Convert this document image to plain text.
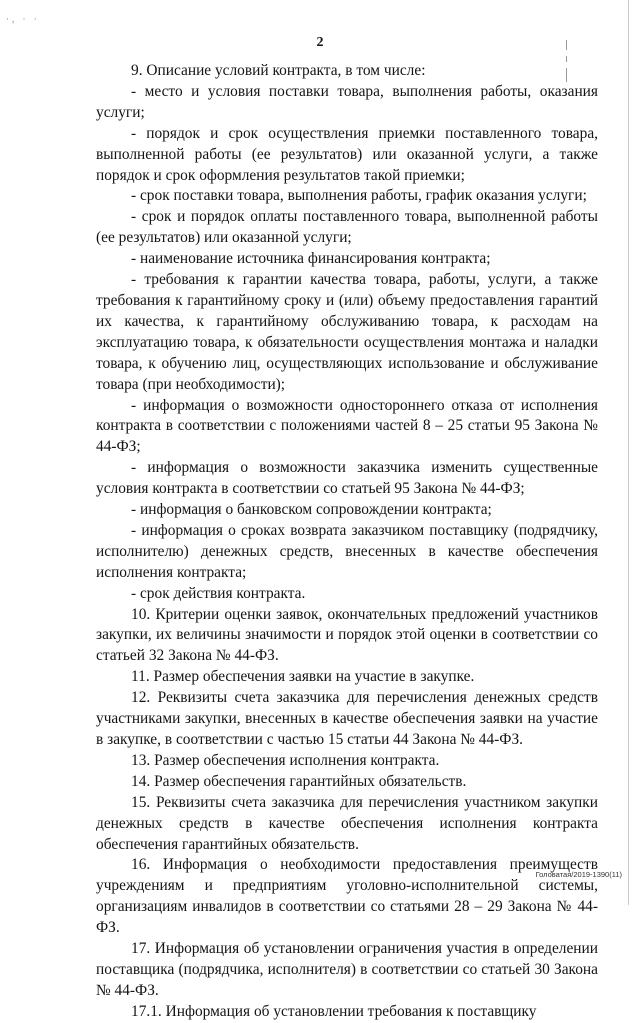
·, · ·
2

9. Описание условий контракта, в том числе:

- место и условия поставки товара, выполнения работы, оказания услуги;

- порядок и срок осуществления приемки поставленного товара, выполненной работы (ее результатов) или оказанной услуги, а также порядок и срок оформления результатов такой приемки;

- срок поставки товара, выполнения работы, график оказания услуги;

- срок и порядок оплаты поставленного товара, выполненной работы (ее результатов) или оказанной услуги;

- наименование источника финансирования контракта;

- требования к гарантии качества товара, работы, услуги, а также требования к гарантийному сроку и (или) объему предоставления гарантий их качества, к гарантийному обслуживанию товара, к расходам на эксплуатацию товара, к обязательности осуществления монтажа и наладки товара, к обучению лиц, осуществляющих использование и обслуживание товара (при необходимости);

- информация о возможности одностороннего отказа от исполнения контракта в соответствии с положениями частей 8 – 25 статьи 95 Закона № 44-ФЗ;

- информация о возможности заказчика изменить существенные условия контракта в соответствии со статьей 95 Закона № 44-ФЗ;

- информация о банковском сопровождении контракта;

- информация о сроках возврата заказчиком поставщику (подрядчику, исполнителю) денежных средств, внесенных в качестве обеспечения исполнения контракта;

- срок действия контракта.

10. Критерии оценки заявок, окончательных предложений участников закупки, их величины значимости и порядок этой оценки в соответствии со статьей 32 Закона № 44-ФЗ.

11. Размер обеспечения заявки на участие в закупке.

12. Реквизиты счета заказчика для перечисления денежных средств участниками закупки, внесенных в качестве обеспечения заявки на участие в закупке, в соответствии с частью 15 статьи 44 Закона № 44-ФЗ.

13. Размер обеспечения исполнения контракта.

14. Размер обеспечения гарантийных обязательств.

15. Реквизиты счета заказчика для перечисления участником закупки денежных средств в качестве обеспечения исполнения контракта обеспечения гарантийных обязательств.

16. Информация о необходимости предоставления преимуществ учреждениям и предприятиям уголовно-исполнительной системы, организациям инвалидов в соответствии со статьями 28 – 29 Закона № 44-ФЗ.

17. Информация об установлении ограничения участия в определении поставщика (подрядчика, исполнителя) в соответствии со статьей 30 Закона № 44-ФЗ.

17.1. Информация об установлении требования к поставщику

Головатая/2019-1390(11)
